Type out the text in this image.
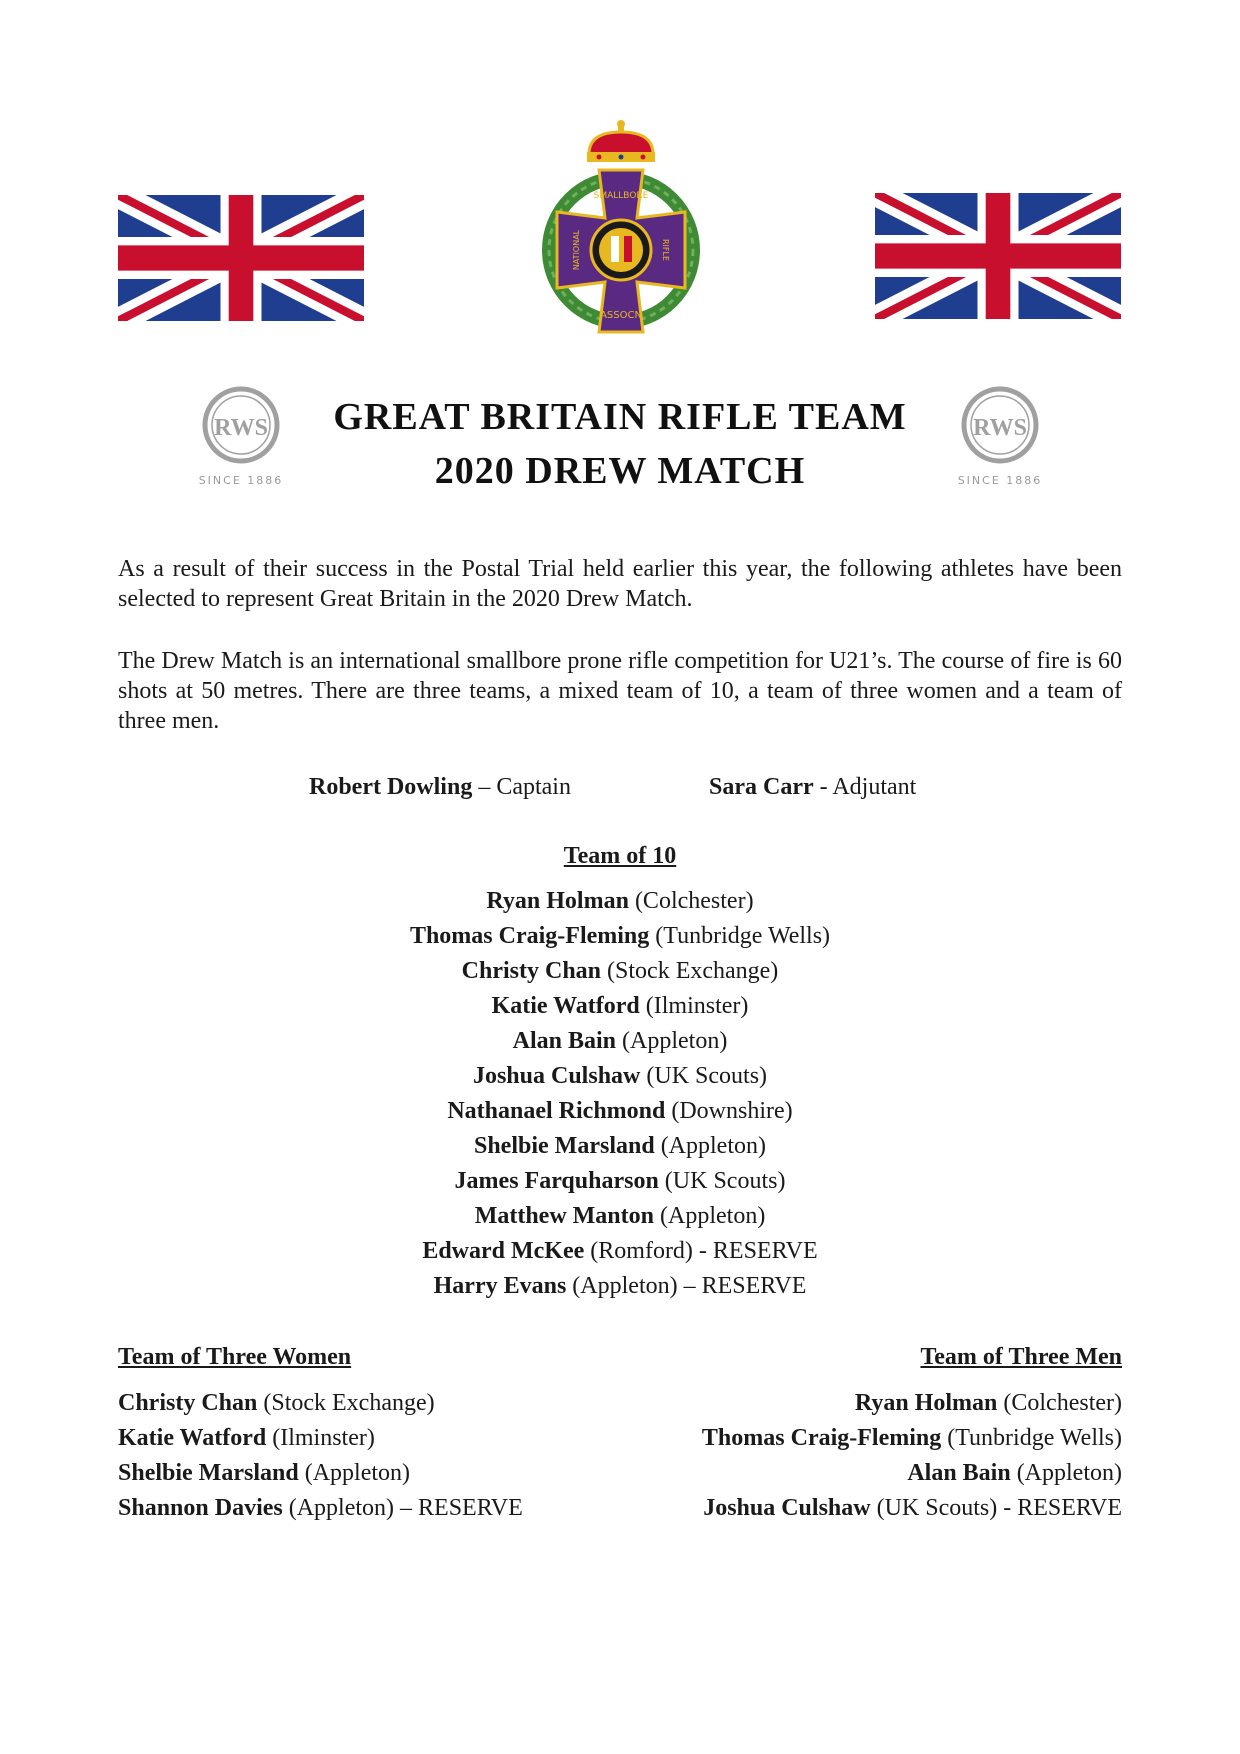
SMALLBORE
ASSOCN
NATIONAL	RIFLE
RWS
SINCE 1886
RWS
SINCE 1886
GREAT BRITAIN RIFLE TEAM
2020 DREW MATCH
As a result of their success in the Postal Trial held earlier this year, the following athletes have been selected to represent Great Britain in the 2020 Drew Match.
The Drew Match is an international smallbore prone rifle competition for U21’s. The course of fire is 60 shots at 50 metres. There are three teams, a mixed team of 10, a team of three women and a team of three men.
Robert Dowling – Captain	Sara Carr - Adjutant
Team of 10
Ryan Holman (Colchester)
Thomas Craig-Fleming (Tunbridge Wells)
Christy Chan (Stock Exchange)
Katie Watford (Ilminster)
Alan Bain (Appleton)
Joshua Culshaw (UK Scouts)
Nathanael Richmond (Downshire)
Shelbie Marsland (Appleton)
James Farquharson (UK Scouts)
Matthew Manton (Appleton)
Edward McKee (Romford) - RESERVE
Harry Evans (Appleton) – RESERVE
Team of Three Women
Christy Chan (Stock Exchange)
Katie Watford (Ilminster)
Shelbie Marsland (Appleton)
Shannon Davies (Appleton) – RESERVE
Team of Three Men
Ryan Holman (Colchester)
Thomas Craig-Fleming (Tunbridge Wells)
Alan Bain (Appleton)
Joshua Culshaw (UK Scouts) - RESERVE
